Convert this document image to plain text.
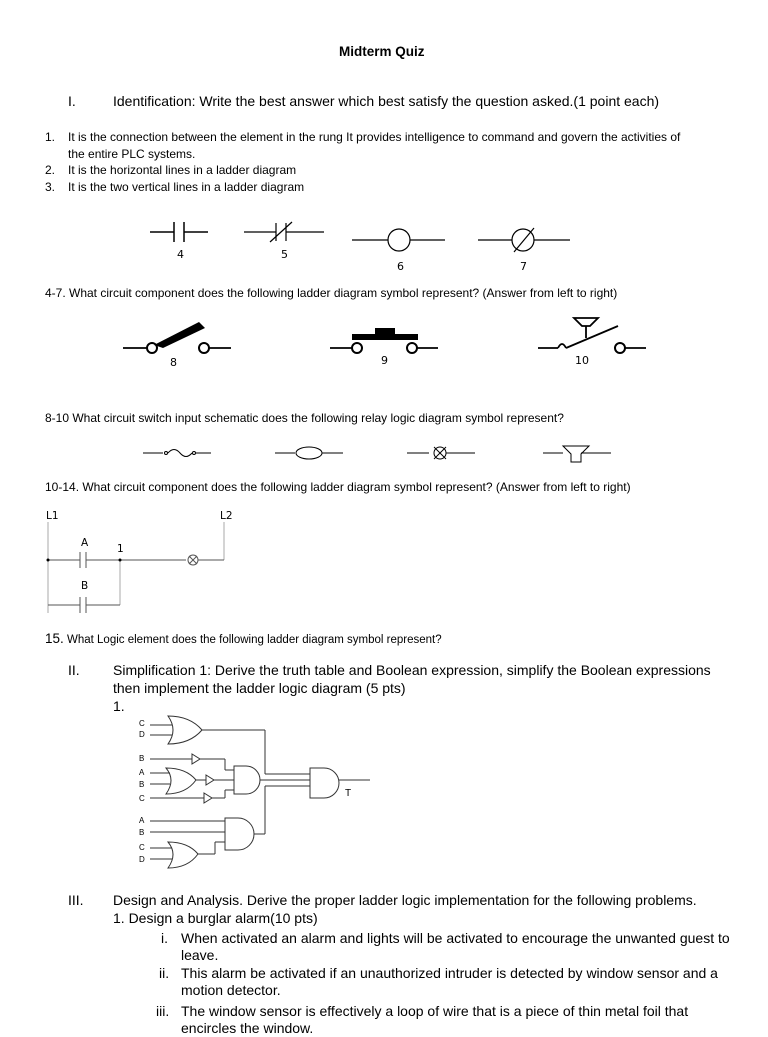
Midterm Quiz
I.	Identification: Write the best answer which best satisfy the question asked.(1 point each)
1. It is the connection between the element in the rung It provides intelligence to command and govern the activities of
the entire PLC systems.
2. It is the horizontal lines in a ladder diagram
3. It is the two vertical lines in a ladder diagram
4	5
6	7
4-7. What circuit component does the following ladder diagram symbol represent? (Answer from left to right)
8	9	10
8-10 What circuit switch input schematic does the following relay logic diagram symbol represent?
10-14. What circuit component does the following ladder diagram symbol represent? (Answer from left to right)
L1	L2
A	1
B
15. What Logic element does the following ladder diagram symbol represent?
II. Simplification 1: Derive the truth table and Boolean expression, simplify the Boolean expressions
then implement the ladder logic diagram (5 pts)
1.
C
D
B
A
B
C
A
B
C
D
T
III. Design and Analysis. Derive the proper ladder logic implementation for the following problems.
1. Design a burglar alarm(10 pts)
i. When activated an alarm and lights will be activated to encourage the unwanted guest to
leave.
ii. This alarm be activated if an unauthorized intruder is detected by window sensor and a
motion detector.
iii. The window sensor is effectively a loop of wire that is a piece of thin metal foil that
encircles the window.
